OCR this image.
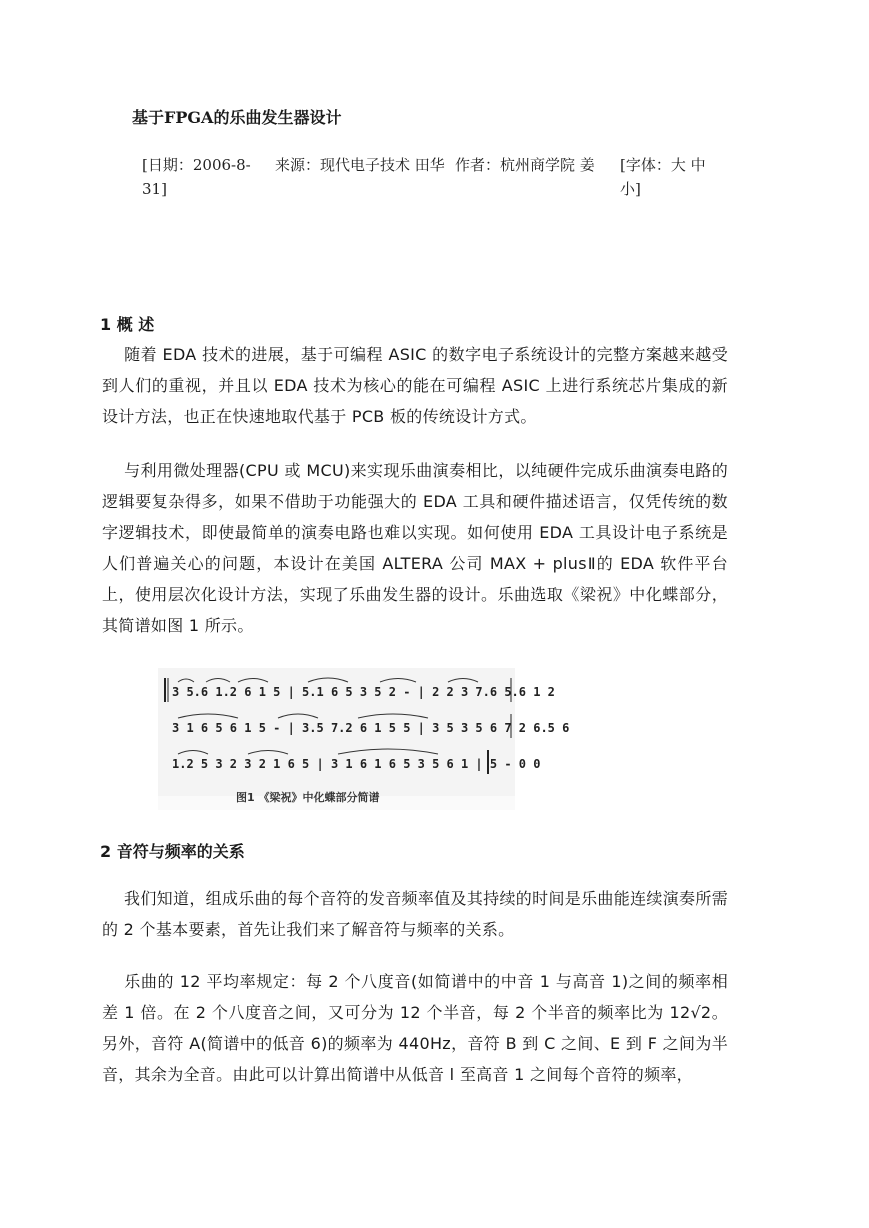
基于FPGA的乐曲发生器设计
[日期：2006-8-31]
来源：现代电子技术 田华 作者：杭州商学院 姜	[字体：大 中 小]
1 概 述
随着 EDA 技术的进展，基于可编程 ASIC 的数字电子系统设计的完整方案越来越受到人们的重视，并且以 EDA 技术为核心的能在可编程 ASIC 上进行系统芯片集成的新设计方法，也正在快速地取代基于 PCB 板的传统设计方式。
与利用微处理器(CPU 或 MCU)来实现乐曲演奏相比，以纯硬件完成乐曲演奏电路的逻辑要复杂得多，如果不借助于功能强大的 EDA 工具和硬件描述语言，仅凭传统的数字逻辑技术，即使最简单的演奏电路也难以实现。如何使用 EDA 工具设计电子系统是人们普遍关心的问题，本设计在美国 ALTERA 公司 MAX + plusⅡ的 EDA 软件平台上，使用层次化设计方法，实现了乐曲发生器的设计。乐曲选取《梁祝》中化蝶部分，其简谱如图 1 所示。
3 5.6 1.2 6 1 5 | 5.1 6 5 3 5 2 - | 2 2 3 7.6 5.6 1 2
3 1 6 5 6 1 5 - | 3.5 7.2 6 1 5 5 | 3 5 3 5 6 7 2 6.5 6
1.2 5 3 2 3 2 1 6 5 | 3 1 6 1 6 5 3 5 6 1 | 5 - 0 0
图1 《梁祝》中化蝶部分简谱
2 音符与频率的关系
我们知道，组成乐曲的每个音符的发音频率值及其持续的时间是乐曲能连续演奏所需的 2 个基本要素，首先让我们来了解音符与频率的关系。
乐曲的 12 平均率规定：每 2 个八度音(如简谱中的中音 1 与高音 1)之间的频率相差 1 倍。在 2 个八度音之间，又可分为 12 个半音，每 2 个半音的频率比为 12√2。另外，音符 A(简谱中的低音 6)的频率为 440Hz，音符 B 到 C 之间、E 到 F 之间为半音，其余为全音。由此可以计算出简谱中从低音 l 至高音 1 之间每个音符的频率，
